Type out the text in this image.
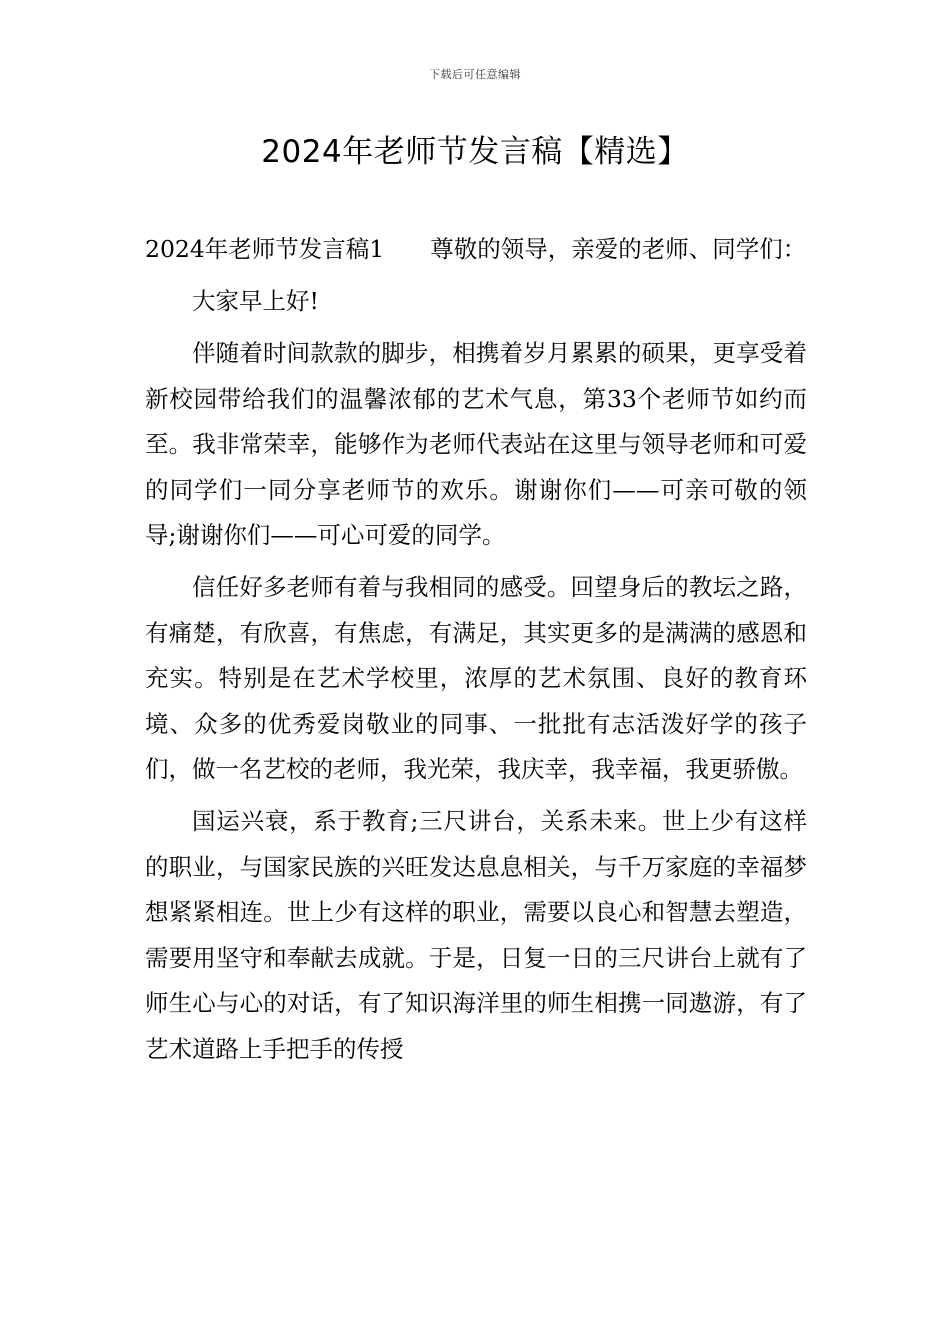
下载后可任意编辑
2024年老师节发言稿【精选】

2024年老师节发言稿1 尊敬的领导，亲爱的老师、同学们：

大家早上好!

伴随着时间款款的脚步，相携着岁月累累的硕果，更享受着新校园带给我们的温馨浓郁的艺术气息，第33个老师节如约而至。我非常荣幸，能够作为老师代表站在这里与领导老师和可爱的同学们一同分享老师节的欢乐。谢谢你们——可亲可敬的领导;谢谢你们——可心可爱的同学。

信任好多老师有着与我相同的感受。回望身后的教坛之路，有痛楚，有欣喜，有焦虑，有满足，其实更多的是满满的感恩和充实。特别是在艺术学校里，浓厚的艺术氛围、良好的教育环境、众多的优秀爱岗敬业的同事、一批批有志活泼好学的孩子们，做一名艺校的老师，我光荣，我庆幸，我幸福，我更骄傲。

国运兴衰，系于教育;三尺讲台，关系未来。世上少有这样的职业，与国家民族的兴旺发达息息相关，与千万家庭的幸福梦想紧紧相连。世上少有这样的职业，需要以良心和智慧去塑造，需要用坚守和奉献去成就。于是，日复一日的三尺讲台上就有了师生心与心的对话，有了知识海洋里的师生相携一同遨游，有了艺术道路上手把手的传授
